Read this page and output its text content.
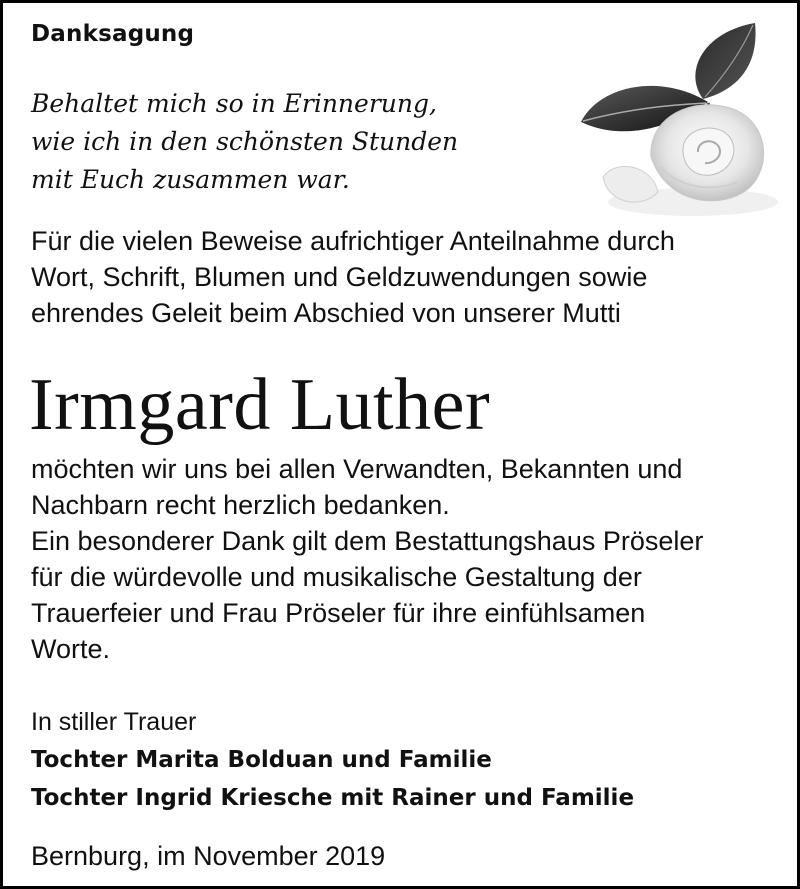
Danksagung

Behaltet mich so in Erinnerung,
wie ich in den schönsten Stunden
mit Euch zusammen war.

Für die vielen Beweise aufrichtiger Anteilnahme durch
Wort, Schrift, Blumen und Geldzuwendungen sowie
ehrendes Geleit beim Abschied von unserer Mutti

Irmgard Luther

möchten wir uns bei allen Verwandten, Bekannten und
Nachbarn recht herzlich bedanken.
Ein besonderer Dank gilt dem Bestattungshaus Pröseler
für die würdevolle und musikalische Gestaltung der
Trauerfeier und Frau Pröseler für ihre einfühlsamen
Worte.

In stiller Trauer
Tochter Marita Bolduan und Familie
Tochter Ingrid Kriesche mit Rainer und Familie
Bernburg, im November 2019
